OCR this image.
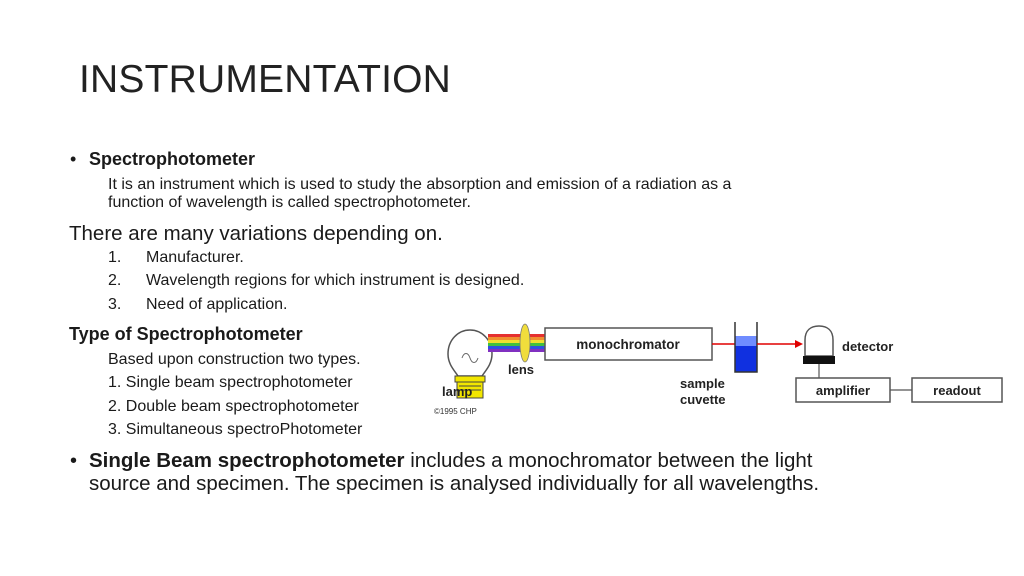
INSTRUMENTATION
• Spectrophotometer
It is an instrument which is used to study the absorption and emission of a radiation as a
function of wavelength is called spectrophotometer.
There are many variations depending on.
1. Manufacturer.
2. Wavelength regions for which instrument is designed.
3. Need of application.
Type of Spectrophotometer
Based upon construction two types.
1. Single beam spectrophotometer
2. Double beam spectrophotometer
3. Simultaneous spectroPhotometer
• Single Beam spectrophotometer includes a monochromator between the light
source and specimen. The specimen is analysed individually for all wavelengths.
monochromator	detector
amplifier	readout
lamp
lens
sample
cuvette
©1995 CHP
